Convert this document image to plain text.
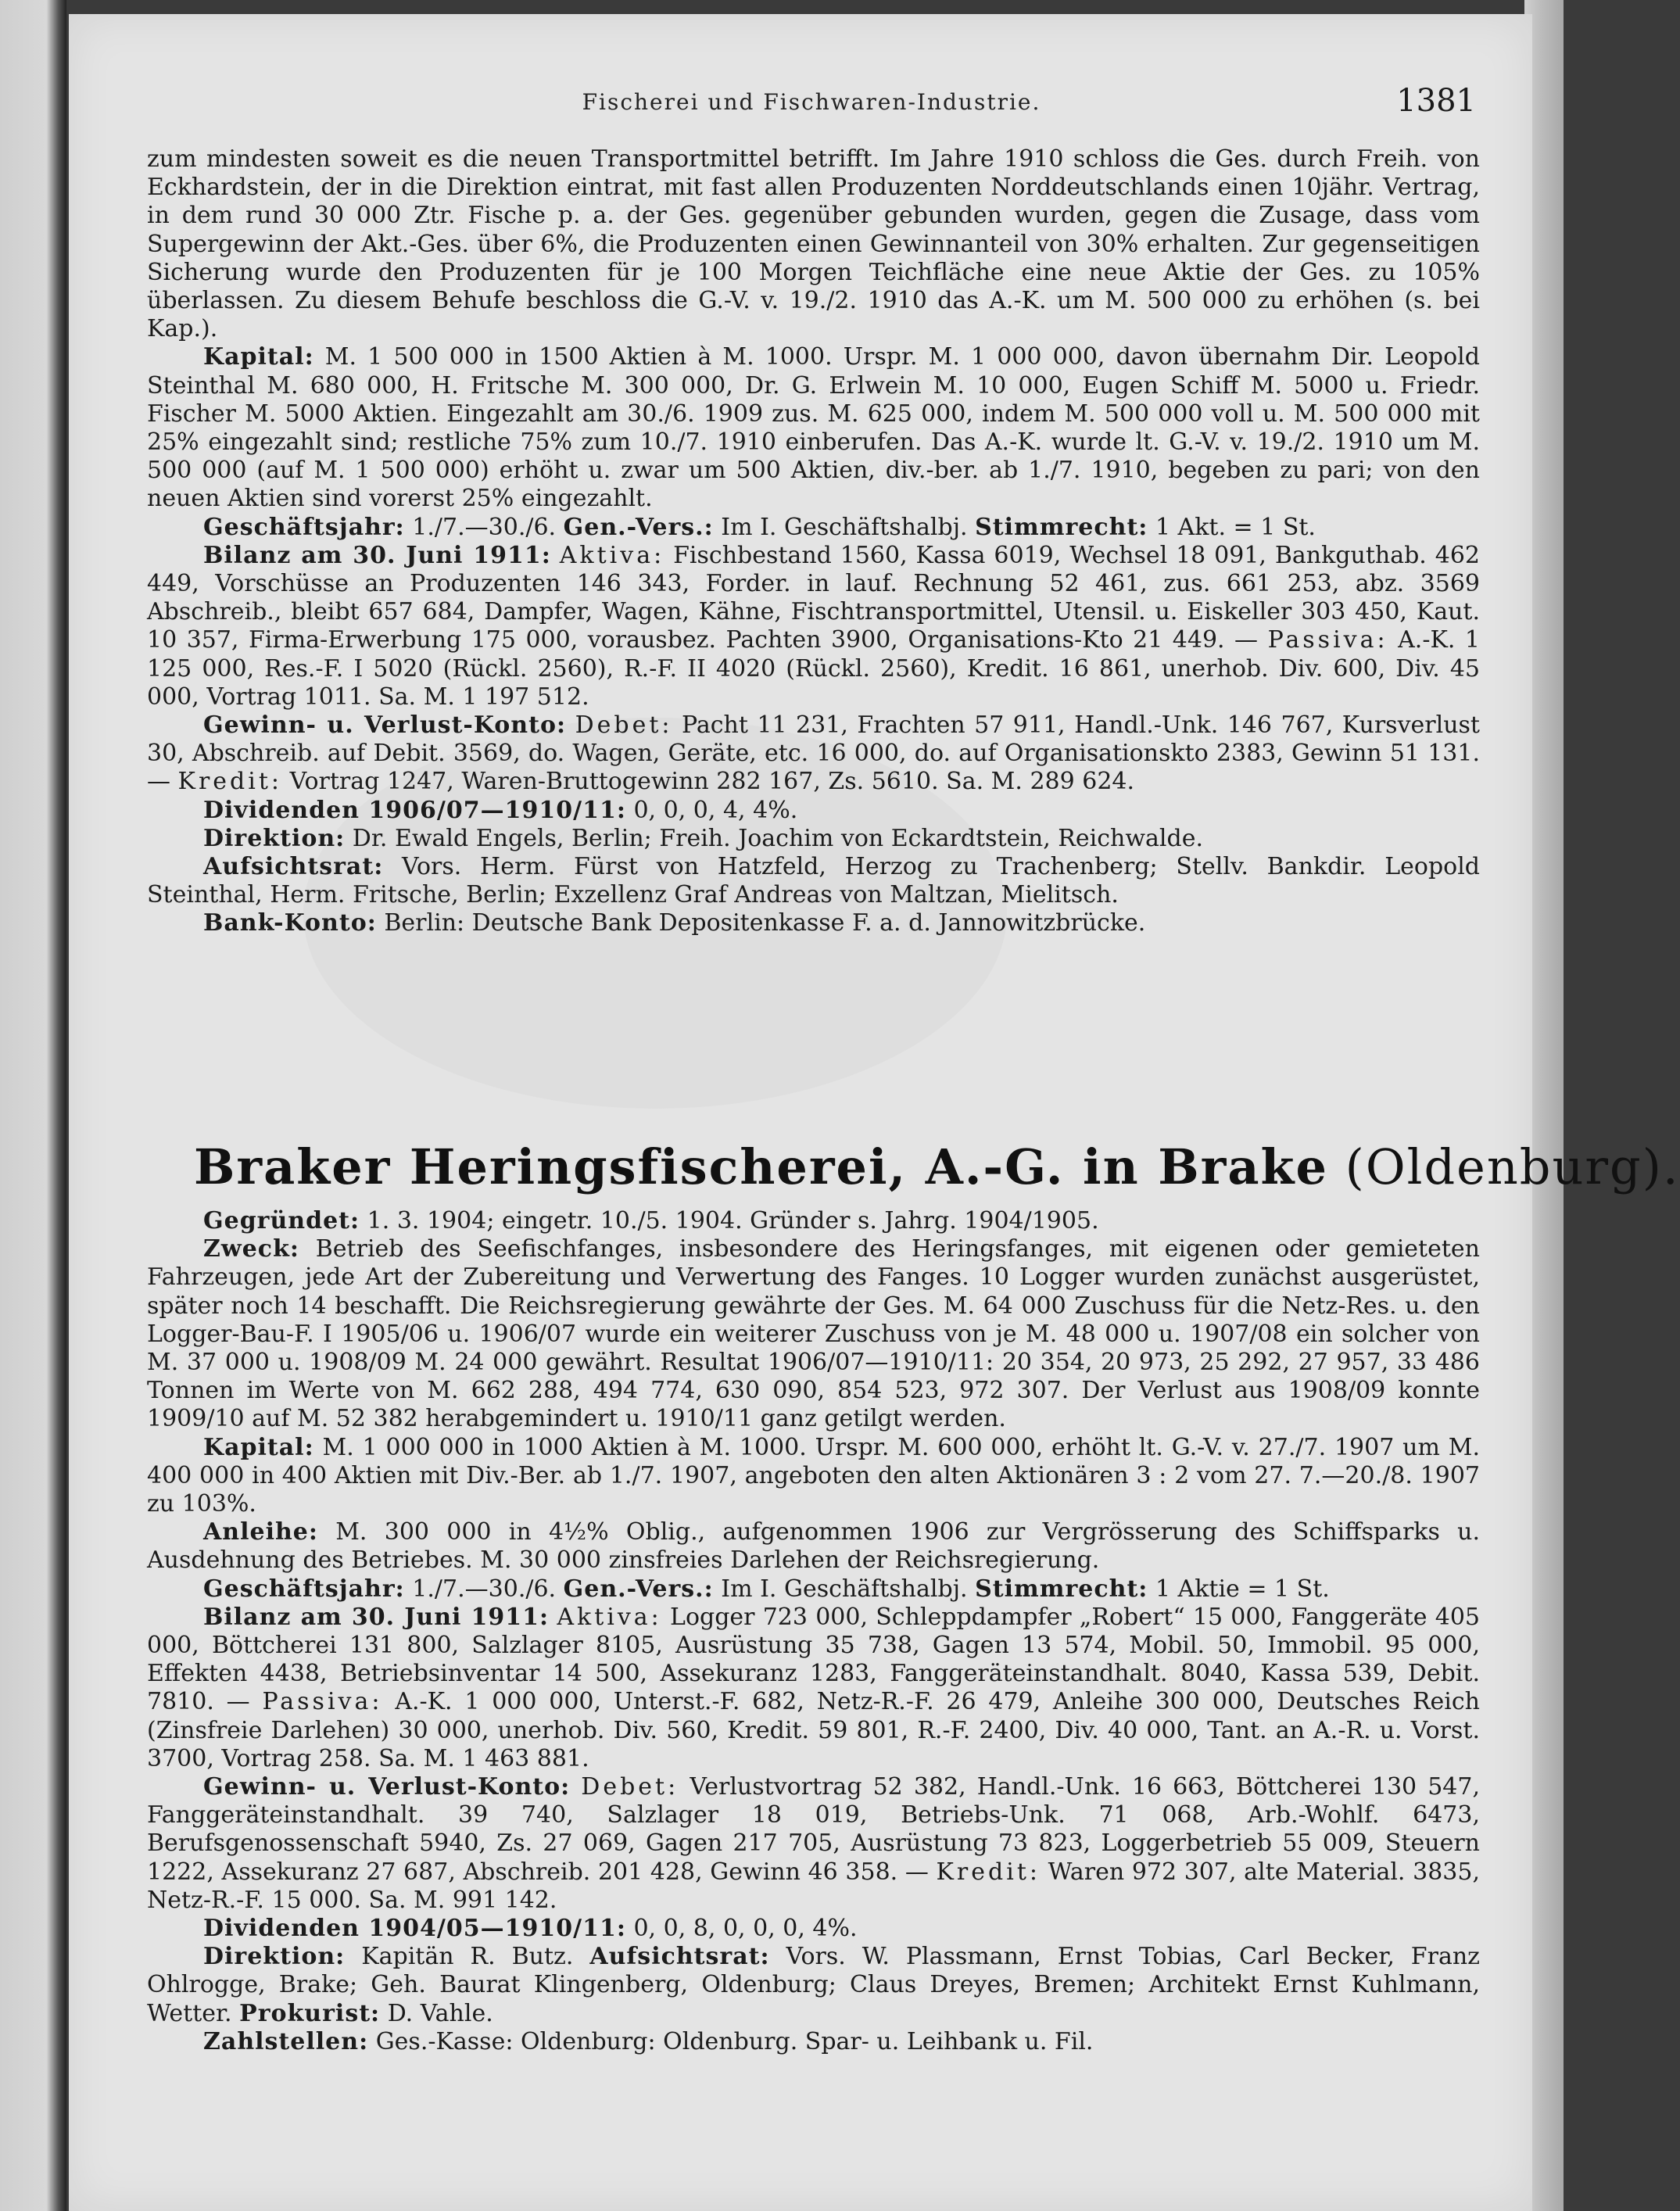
Fischerei und Fischwaren-Industrie.	1381

zum mindesten soweit es die neuen Transportmittel betrifft. Im Jahre 1910 schloss die Ges. durch Freih. von Eckhardstein, der in die Direktion eintrat, mit fast allen Produzenten Norddeutschlands einen 10jähr. Vertrag, in dem rund 30 000 Ztr. Fische p. a. der Ges. gegenüber gebunden wurden, gegen die Zusage, dass vom Supergewinn der Akt.-Ges. über 6%, die Produzenten einen Gewinnanteil von 30% erhalten. Zur gegenseitigen Sicherung wurde den Produzenten für je 100 Morgen Teichfläche eine neue Aktie der Ges. zu 105% überlassen. Zu diesem Behufe beschloss die G.-V. v. 19./2. 1910 das A.-K. um M. 500 000 zu erhöhen (s. bei Kap.).

Kapital: M. 1 500 000 in 1500 Aktien à M. 1000. Urspr. M. 1 000 000, davon übernahm Dir. Leopold Steinthal M. 680 000, H. Fritsche M. 300 000, Dr. G. Erlwein M. 10 000, Eugen Schiff M. 5000 u. Friedr. Fischer M. 5000 Aktien. Eingezahlt am 30./6. 1909 zus. M. 625 000, indem M. 500 000 voll u. M. 500 000 mit 25% eingezahlt sind; restliche 75% zum 10./7. 1910 einberufen. Das A.-K. wurde lt. G.-V. v. 19./2. 1910 um M. 500 000 (auf M. 1 500 000) erhöht u. zwar um 500 Aktien, div.-ber. ab 1./7. 1910, begeben zu pari; von den neuen Aktien sind vorerst 25% eingezahlt.

Geschäftsjahr: 1./7.—30./6. Gen.-Vers.: Im I. Geschäftshalbj. Stimmrecht: 1 Akt. = 1 St.

Bilanz am 30. Juni 1911: Aktiva: Fischbestand 1560, Kassa 6019, Wechsel 18 091, Bankguthab. 462 449, Vorschüsse an Produzenten 146 343, Forder. in lauf. Rechnung 52 461, zus. 661 253, abz. 3569 Abschreib., bleibt 657 684, Dampfer, Wagen, Kähne, Fischtransportmittel, Utensil. u. Eiskeller 303 450, Kaut. 10 357, Firma-Erwerbung 175 000, vorausbez. Pachten 3900, Organisations-Kto 21 449. — Passiva: A.-K. 1 125 000, Res.-F. I 5020 (Rückl. 2560), R.-F. II 4020 (Rückl. 2560), Kredit. 16 861, unerhob. Div. 600, Div. 45 000, Vortrag 1011. Sa. M. 1 197 512.

Gewinn- u. Verlust-Konto: Debet: Pacht 11 231, Frachten 57 911, Handl.-Unk. 146 767, Kursverlust 30, Abschreib. auf Debit. 3569, do. Wagen, Geräte, etc. 16 000, do. auf Organisationskto 2383, Gewinn 51 131. — Kredit: Vortrag 1247, Waren-Bruttogewinn 282 167, Zs. 5610. Sa. M. 289 624.

Dividenden 1906/07—1910/11: 0, 0, 0, 4, 4%.

Direktion: Dr. Ewald Engels, Berlin; Freih. Joachim von Eckardtstein, Reichwalde.

Aufsichtsrat: Vors. Herm. Fürst von Hatzfeld, Herzog zu Trachenberg; Stellv. Bankdir. Leopold Steinthal, Herm. Fritsche, Berlin; Exzellenz Graf Andreas von Maltzan, Mielitsch.

Bank-Konto: Berlin: Deutsche Bank Depositenkasse F. a. d. Jannowitzbrücke.

Braker Heringsfischerei, A.-G. in Brake (Oldenburg).

Gegründet: 1. 3. 1904; eingetr. 10./5. 1904. Gründer s. Jahrg. 1904/1905.

Zweck: Betrieb des Seefischfanges, insbesondere des Heringsfanges, mit eigenen oder gemieteten Fahrzeugen, jede Art der Zubereitung und Verwertung des Fanges. 10 Logger wurden zunächst ausgerüstet, später noch 14 beschafft. Die Reichsregierung gewährte der Ges. M. 64 000 Zuschuss für die Netz-Res. u. den Logger-Bau-F. I 1905/06 u. 1906/07 wurde ein weiterer Zuschuss von je M. 48 000 u. 1907/08 ein solcher von M. 37 000 u. 1908/09 M. 24 000 gewährt. Resultat 1906/07—1910/11: 20 354, 20 973, 25 292, 27 957, 33 486 Tonnen im Werte von M. 662 288, 494 774, 630 090, 854 523, 972 307. Der Verlust aus 1908/09 konnte 1909/10 auf M. 52 382 herabgemindert u. 1910/11 ganz getilgt werden.

Kapital: M. 1 000 000 in 1000 Aktien à M. 1000. Urspr. M. 600 000, erhöht lt. G.-V. v. 27./7. 1907 um M. 400 000 in 400 Aktien mit Div.-Ber. ab 1./7. 1907, angeboten den alten Aktionären 3 : 2 vom 27. 7.—20./8. 1907 zu 103%.

Anleihe: M. 300 000 in 4½% Oblig., aufgenommen 1906 zur Vergrösserung des Schiffsparks u. Ausdehnung des Betriebes. M. 30 000 zinsfreies Darlehen der Reichsregierung.

Geschäftsjahr: 1./7.—30./6. Gen.-Vers.: Im I. Geschäftshalbj. Stimmrecht: 1 Aktie = 1 St.

Bilanz am 30. Juni 1911: Aktiva: Logger 723 000, Schleppdampfer „Robert“ 15 000, Fanggeräte 405 000, Böttcherei 131 800, Salzlager 8105, Ausrüstung 35 738, Gagen 13 574, Mobil. 50, Immobil. 95 000, Effekten 4438, Betriebsinventar 14 500, Assekuranz 1283, Fanggeräteinstandhalt. 8040, Kassa 539, Debit. 7810. — Passiva: A.-K. 1 000 000, Unterst.-F. 682, Netz-R.-F. 26 479, Anleihe 300 000, Deutsches Reich (Zinsfreie Darlehen) 30 000, unerhob. Div. 560, Kredit. 59 801, R.-F. 2400, Div. 40 000, Tant. an A.-R. u. Vorst. 3700, Vortrag 258. Sa. M. 1 463 881.

Gewinn- u. Verlust-Konto: Debet: Verlustvortrag 52 382, Handl.-Unk. 16 663, Böttcherei 130 547, Fanggeräteinstandhalt. 39 740, Salzlager 18 019, Betriebs-Unk. 71 068, Arb.-Wohlf. 6473, Berufsgenossenschaft 5940, Zs. 27 069, Gagen 217 705, Ausrüstung 73 823, Loggerbetrieb 55 009, Steuern 1222, Assekuranz 27 687, Abschreib. 201 428, Gewinn 46 358. — Kredit: Waren 972 307, alte Material. 3835, Netz-R.-F. 15 000. Sa. M. 991 142.

Dividenden 1904/05—1910/11: 0, 0, 8, 0, 0, 0, 4%.

Direktion: Kapitän R. Butz. Aufsichtsrat: Vors. W. Plassmann, Ernst Tobias, Carl Becker, Franz Ohlrogge, Brake; Geh. Baurat Klingenberg, Oldenburg; Claus Dreyes, Bremen; Architekt Ernst Kuhlmann, Wetter. Prokurist: D. Vahle.

Zahlstellen: Ges.-Kasse: Oldenburg: Oldenburg. Spar- u. Leihbank u. Fil.
